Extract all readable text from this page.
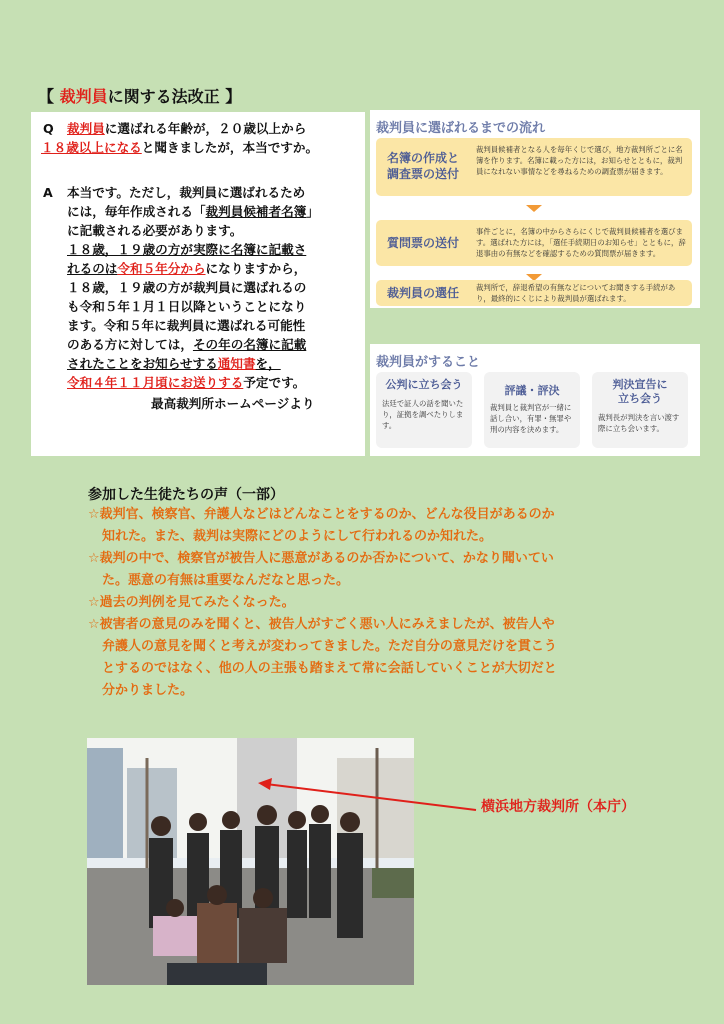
【 裁判員に関する法改正 】
Q 裁判員に選ばれる年齢が，２０歳以上から
１８歳以上になると聞きましたが，本当ですか。
A 本当です。ただし，裁判員に選ばれるため
には，毎年作成される「裁判員候補者名簿」
に記載される必要があります。
１８歳，１９歳の方が実際に名簿に記載さ
れるのは令和５年分からになりますから，
１８歳，１９歳の方が裁判員に選ばれるの
も令和５年１月１日以降ということになり
ます。令和５年に裁判員に選ばれる可能性
のある方に対しては，その年の名簿に記載
されたことをお知らせする通知書を，
令和４年１１月頃にお送りする予定です。
最高裁判所ホームページより
裁判員に選ばれるまでの流れ
名簿の作成と
調査票の送付
裁判員候補者となる人を毎年くじで選び，地方裁判所ごとに名簿を作ります。名簿に載った方には，お知らせとともに，裁判員になれない事情などを尋ねるための調査票が届きます。
質問票の送付
事件ごとに，名簿の中からさらにくじで裁判員候補者を選びます。選ばれた方には，「選任手続期日のお知らせ」とともに，辞退事由の有無などを確認するための質問票が届きます。
裁判員の選任	裁判所で，辞退希望の有無などについてお聞きする手続があり，最終的にくじにより裁判員が選ばれます。
裁判員がすること
公判に立ち会う
法廷で証人の話を聞いたり，証拠を調べたりします。
評議・評決
裁判員と裁判官が一緒に話し合い，有罪・無罪や刑の内容を決めます。
判決宣告に
立ち会う
裁判長が判決を言い渡す際に立ち会います。
参加した生徒たちの声（一部）

☆裁判官、検察官、弁護人などはどんなことをするのか、どんな役目があるのか

知れた。また、裁判は実際にどのようにして行われるのか知れた。

☆裁判の中で、検察官が被告人に悪意があるのか否かについて、かなり聞いてい

た。悪意の有無は重要なんだなと思った。

☆過去の判例を見てみたくなった。

☆被害者の意見のみを聞くと、被告人がすごく悪い人にみえましたが、被告人や

弁護人の意見を聞くと考えが変わってきました。ただ自分の意見だけを貫こう

とするのではなく、他の人の主張も踏まえて常に会話していくことが大切だと

分かりました。

横浜地方裁判所（本庁）
